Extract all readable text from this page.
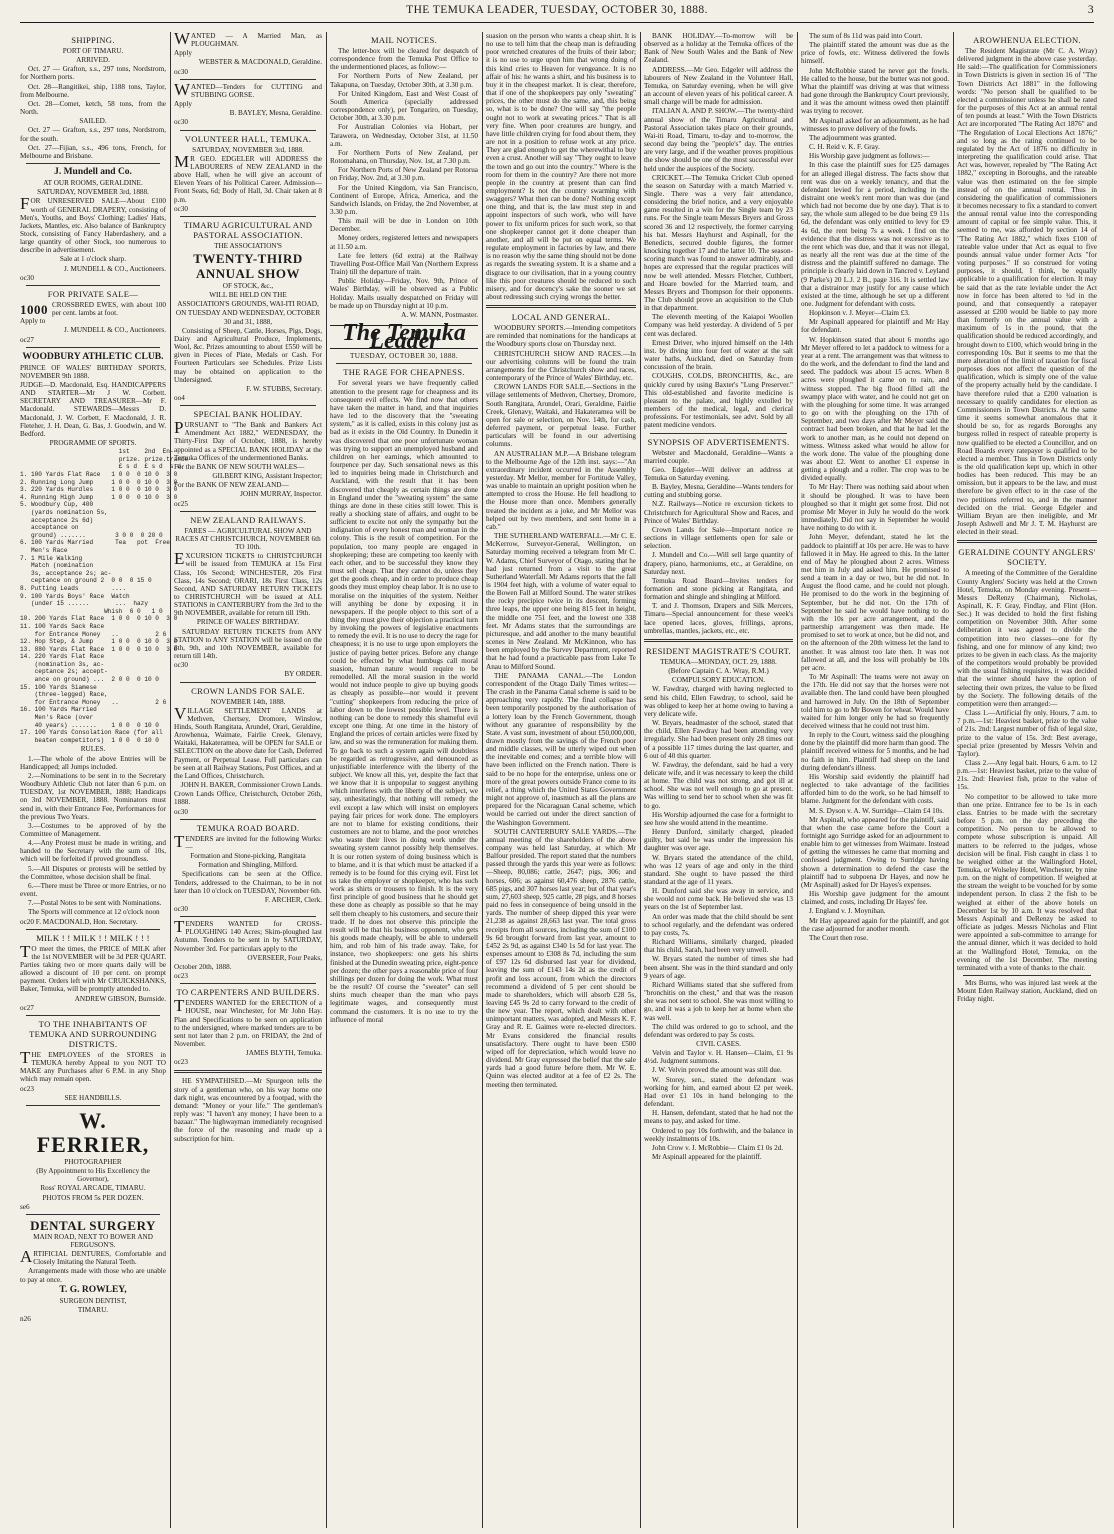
THE TEMUKA LEADER, TUESDAY, OCTOBER 30, 1888.	3
SHIPPING.
PORT OF TIMARU.
ARRIVED.

Oct. 27 — Grafton, s.s., 297 tons, Nordstrom, for Northern ports.

Oct. 28—Rangitikei, ship, 1188 tons, Taylor, from Melbourne.

Oct. 28—Comet, ketch, 58 tons, from the North.

SAILED.

Oct. 27 — Grafton, s.s., 297 tons, Nordstrom, for the south.

Oct. 27—Fijian, s.s., 496 tons, French, for Melbourne and Brisbane.

J. Mundell and Co.
AT OUR ROOMS, GERALDINE.
SATURDAY, NOVEMBER 3rd, 1888.

FOR UNRESERVED SALE—About £100 worth of GENERAL DRAPERY, consisting of Men's, Youths, and Boys' Clothing; Ladies' Hats, Jackets, Mantles, etc. Also balance of Bankruptcy Stock, consisting of Fancy Haberdashery, and a large quantity of other Stock, too numerous to describe in advertisement.

Sale at 1 o'clock sharp.

J. MUNDELL & CO., Auctioneers.

oc30

FOR PRIVATE SALE—
1000 CROSSBRED EWES, with about 100 per cent. lambs at foot.

Apply to

J. MUNDELL & CO., Auctioneers.

oc27

WOODBURY ATHLETIC CLUB.

PRINCE OF WALES' BIRTHDAY SPORTS, NOVEMBER 9th 1888.

JUDGE—D. Macdonald, Esq. HANDICAPPERS AND STARTER—Mr J W. Corbett. SECRETARY AND TREASURER—Mr F. Macdonald. STEWARDS—Messrs D. Macdonald, J. W. Corbett, F. Macdonald, J. R. Fleteher, J. H. Dean, G. Bas, J. Goodwin, and W. Bedford.

PROGRAMME OF SPORTS.

1st    2nd  En-

prize. prize.trance

£ s d  £ s d  s d

1. 100 Yards Flat Race   1 0 0  0 10 0  3 0

2. Running Long Jump     1 0 0  0 10 0  3 0

3. 220 Yards Hurdles     1 0 0  0 10 0  3 0

4. Running High Jump     1 0 0  0 10 0  3 0

5. Woodbury Cup, 400

(yards nomination 5s,

acceptance 2s 6d)

acceptance on

ground) .......        3 0 0  0 20 0

6. 100 Yards Married      Tea   pot  Free

Men's Race

7. 1 Mile Walking

Match (nomination

3s, acceptance 2s; ac-

ceptance on ground 2  0 0  0 15 0

8. Putting Leads         ....

9. 100 Yards Boys' Race  Watch

(under 15 ......       ...  hazy

Whish  6 0   1 0

10. 200 Yards Flat Race  1 0 0  0 10 0  3 0

11. 100 Yards Sack Race

for Entrance Money   ..          2 6

12. Hop Step, & Jump     1 0 0  0 10 0  3 0

13. 880 Yards Flat Race  1 0 0  0 10 0  3 0

14. 220 Yards Flat Race

(nomination 3s, ac-

ceptance 2s; accept-

ance on ground) ...  2 0 0  0 10 0

15. 100 Yards Siamese

(three-legged) Race,

for Entrance Money   ..          2 6

16. 100 Yards Married

Men's Race (over

40 years) .......    1 0 0  0 10 0

17. 100 Yards Consolation Race (for all

beaten competitors)  1 0 0  0 10 0

RULES.

1.—The whole of the above Entries will be Handicapped; all Jumps included.

2.—Nominations to be sent in to the Secretary Woodbury Athletic Club not later than 6 p.m. on TUESDAY, 1st NOVEMBER, 1888; Handicaps on 3rd NOVEMBER, 1888. Nominators must send in, with their Entrance Fee, Performances for the previous Two Years.

3.—Costumes to be approved of by the Committee of Management.

4.—Any Protest must be made in writing, and handed to the Secretary with the sum of 10s, which will be forfeited if proved groundless.

5.—All Disputes or protests will be settled by the Committee, whose decision shall be final.

6.—There must be Three or more Entries, or no event.

7.—Postal Notes to be sent with Nominations.

The Sports will commence at 12 o'clock noon

oc20 F. MACDONALD, Hon. Secretary.

MILK ! ! MILK ! ! MILK ! ! !

TO meet the times, the PRICE of MILK after the 1st NOVEMBER will be 3d PER QUART. Parties taking two or more quarts daily will be allowed a discount of 10 per cent. on prompt payment. Orders left with Mr CRUICKSHANKS, Baker, Temuka, will be promptly attended to.

ANDREW GIBSON, Burnside.

oc27

TO THE INHABITANTS OF TEMUKA AND SURROUNDING DISTRICTS.

THE EMPLOYEES of the STORES in TEMUKA hereby Appeal to you NOT TO MAKE any Purchases after 6 P.M. in any Shop which may remain open.

oc23

SEE HANDBILLS.

W. FERRIER,
PHOTOGRAPHER

(By Appointment to His Excellency the Governor),

Ross' ROYAL ARCADE, TIMARU.

PHOTOS FROM 5s PER DOZEN.

se6

DENTAL SURGERY

MAIN ROAD, NEXT TO BOWER AND FERGUSON'S.

ARTIFICIAL DENTURES, Comfortable and Closely Imitating the Natural Teeth.

Arrangements made with those who are unable to pay at once.

T. G. ROWLEY,

SURGEON DENTIST,

TIMARU.

n26

WANTED — A Married Man, as PLOUGHMAN.

Apply

WEBSTER & MACDONALD, Geraldine.

oc30

WANTED—Tenders for CUTTING and STUBBING GORSE.

Apply

B. BAYLEY, Mesna, Geraldine.

oc30

VOLUNTEER HALL, TEMUKA.
SATURDAY, NOVEMBER 3rd, 1888.

MR GEO. EDGELER will ADDRESS the LABOURERS of NEW ZEALAND in the above Hall, when he will give an account of Eleven Years of his Political Career. Admission—Front Seats, 6d; Body of Hall, 3d. Chair taken at 8 p.m.

oc30

TIMARU AGRICULTURAL AND PASTORAL ASSOCIATION.
THE ASSOCIATION'S
TWENTY-THIRD ANNUAL SHOW
OF STOCK, &c.,
WILL BE HELD ON THE
ASSOCIATION'S GROUNDS, WAI-ITI ROAD,
ON TUESDAY AND WEDNESDAY, OCTOBER 30 and 31, 1888,

Consisting of Sheep, Cattle, Horses, Pigs, Dogs, Dairy and Agricultural Produce, Implements, Wool, &c. Prizes amounting to about £550 will be given in Pieces of Plate, Medals or Cash. For Fourteen Particulars see Schedules. Prize Lists may be obtained on application to the Undersigned.

F. W. STUBBS, Secretary.

oo4

SPECIAL BANK HOLIDAY.

PURSUANT to "The Bank and Bankers Act Amendment Act 1882," WEDNESDAY, the Thirty-First Day of October, 1888, is hereby appointed as a SPECIAL BANK HOLIDAY at the Temuka Offices of the undermentioned Banks.

For the BANK OF NEW SOUTH WALES—

GILBERT KING, Assistant Inspector;

For the BANK OF NEW ZEALAND—

JOHN MURRAY, Inspector.

oc25

NEW ZEALAND RAILWAYS.
FARES — AGRICULTURAL SHOW AND RACES AT CHRISTCHURCH, NOVEMBER 6th TO 10th.

EXCURSION TICKETS to CHRISTCHURCH will be issued from TEMUKA at 15s First Class, 10s Second; WINCHESTER, 20s First Class, 14s Second; ORARI, 18s First Class, 12s Second, AND SATURDAY RETURN TICKETS to CHRISTCHURCH will be issued at ALL STATIONS in CANTERBURY from the 3rd to the 9th NOVEMBER, available for return till 19th.

PRINCE OF WALES' BIRTHDAY.

SATURDAY RETURN TICKETS from ANY STATION to ANY STATION will be issued on the 8th, 9th, and 10th NOVEMBER, available for return till 14th.

oc30

BY ORDER.

CROWN LANDS FOR SALE.
NOVEMBER 14th, 1888.

VILLAGE SETTLEMENT LANDS at Methven, Chertsey, Dromore, Winslow, Hinds, South Rangitata, Arundel, Orari, Geraldine, Arowhenua, Waimate, Fairlie Creek, Glenavy, Waitaki, Hakateramea, will be OPEN for SALE or SELECTION on the above date for Cash, Deferred Payment, or Perpetual Lease. Full particulars can be seen at all Railway Stations, Post Offices, and at the Land Offices, Christchurch.

JOHN H. BAKER, Commissioner Crown Lands.

Crown Lands Office, Christchurch, October 26th, 1888.

oc30

TEMUKA ROAD BOARD.

TENDERS are invited for the following Works:—

Formation and Stone-picking, Rangitata

Formation and Shingling, Milford.

Specifications can be seen at the Office. Tenders, addressed to the Chairman, to be in not later than 10 o'clock on TUESDAY, November 6th.

F. ARCHER, Clerk.

oc30

TENDERS WANTED for CROSS-PLOUGHING 140 Acres; Skim-ploughed last Autumn. Tenders to be sent in by SATURDAY, November 3rd. For particulars apply to the

OVERSEER, Four Peaks,

October 20th, 1888.

oc23

TO CARPENTERS AND BUILDERS.

TENDERS WANTED for the ERECTION of a HOUSE, near Winchester, for Mr John Hay. Plan and Specifications to be seen on application to the undersigned, where marked tenders are to be sent not later than 2 p.m. on FRIDAY, the 2nd of November.

JAMES BLYTH, Temuka.

oc23

HE SYMPATHISED.—Mr Spurgeon tells the story of a gentleman who, on his way home one dark night, was encountered by a footpad, with the demand: "Money or your life." The gentleman's reply was: "I haven't any money; I have been to a bazaar." The highwayman immediately recognised the force of the reasoning and made up a subscription for him.

MAIL NOTICES.

The letter-box will be cleared for despatch of correspondence from the Temuka Post Office to the undermentioned places, as follow:—

For Northern Ports of New Zealand, per Takapuna, on Tuesday, October 30th, at 3.30 p.m.

For United Kingdom, East and West Coast of South America (specially addressed correspondence only), per Tongariro, on Tuesday, October 30th, at 3.30 p.m.

For Australian Colonies via Hobart, per Tarawera, on Wednesday, October 31st, at 11.50 a.m.

For Northern Ports of New Zealand, per Rotomahana, on Thursday, Nov. 1st, at 7.30 p.m.

For Northern Ports of New Zealand per Rotorua on Friday, Nov. 2nd, at 3.30 p.m.

For the United Kingdom, via San Francisco, Continent of Europe, Africa, America, and the Sandwich Islands, on Friday, the 2nd November, at 3.30 p.m.

This mail will be due in London on 10th December.

Money orders, registered letters and newspapers at 11.50 a.m.

Late fee letters (6d extra) at the Railway Travelling Post-Office Mail Van (Northern Express Train) till the departure of train.

Public Holiday—Friday, Nov. 9th, Prince of Wales' Birthday, will be observed as a Public Holiday. Mails usually despatched on Friday will be made up on Thursday night at 10 p.m.

A. W. MANN, Postmaster.

The Temuka Leader
TUESDAY, OCTOBER 30, 1888.
THE RAGE FOR CHEAPNESS.

For several years we have frequently called attention to the present rage for cheapness and its consequent evil effects. We find now that others have taken the matter in hand, and that inquiries have led to the discovery that the "sweating system," as it is called, exists in this colony just as bad as it exists in the Old Country. In Dunedin it was discovered that one poor unfortunate woman was trying to support an unemployed husband and children on her earnings, which amounted to fourpence per day. Such sensational news as this led to inquiries being made in Christchurch and Auckland, with the result that it has been discovered that cheaply as certain things are done in England under the "sweating system" the same things are done in these cities still lower. This is really a shocking state of affairs, and ought to be sufficient to excite not only the sympathy but the indignation of every honest man and woman in the colony. This is the result of competition. For the population, too many people are engaged in shopkeeping; these are competing too keenly with each other, and to be successful they know they must sell cheap. That they cannot do, unless they get the goods cheap, and in order to produce cheap goods they must employ cheap labor. It is no use to moralise on the iniquities of the system. Neither will anything be done by exposing it in newspapers. If the people object to this sort of a thing they must give their objection a practical turn by invoking the powers of legislative enactments to remedy the evil. It is no use to decry the rage for cheapness; it is no use to urge upon employers the justice of paying better prices. Before any change could be effected by what humbugs call moral suasion, human nature would require to be remodelled. All the moral suasion in the world would not induce people to give up buying goods as cheaply as possible—nor would it prevent "cutting" shopkeepers from reducing the price of labor down to the lowest possible level. There is nothing can be done to remedy this shameful evil except one thing. At one time in the history of England the prices of certain articles were fixed by law, and so was the remuneration for making them. To go back to such a system again will doubtless be regarded as retrogressive, and denounced as unjustifiable interference with the liberty of the subject. We know all this, yet, despite the fact that we know that it is unpopular to suggest anything which interferes with the liberty of the subject, we say, unhesitatingly, that nothing will remedy the evil except a law which will insist on employers paying fair prices for work done. The employers are not to blame for existing conditions, their customers are not to blame, and the poor wretches who waste their lives in doing work under the sweating system cannot possibly help themselves. It is our rotten system of doing business which is to blame, and it is that which must be attacked if a remedy is to be found for this crying evil. First let us take the employer or shopkeeper, who has such work as shirts or trousers to finish. It is the very first principle of good business that he should get these done as cheaply as possible so that he may sell them cheaply to his customers, and secure their trade. If he does not observe this principle the result will be that his business opponent, who gets his goods made cheaply, will be able to undersell him, and rob him of his trade away. Take, for instance, two shopkeepers: one gets his shirts finished at the Dunedin sweating price, eight-pence per dozen; the other pays a reasonable price of four shillings per dozen for doing the work. What must be the result? Of course the "sweater" can sell shirts much cheaper than the man who pays legitimate wages, and consequently must command the customers. It is no use to try the influence of moral

suasion on the person who wants a cheap shirt. It is no use to tell him that the cheap man is defrauding poor wretched creatures of the fruits of their labor; it is no use to urge upon him that wrong doing of this kind cries to Heaven for vengeance. It is no affair of his: he wants a shirt, and his business is to buy it in the cheapest market. It is clear, therefore, that if one of the shopkeepers pay only "sweating" prices, the other must do the same, and, this being so, what is to be done? One will say "the people ought not to work at sweating prices." That is all very fine. When poor creatures are hungry, and have little children crying for food about them, they are not in a position to refuse work at any price. They are glad enough to get the wherewithal to buy even a crust. Another will say "They ought to leave the town and go out into the country." Where is the room for them in the country? Are there not more people in the country at present than can find employment? Is not the country swarming with swaggers? What then can be done? Nothing except one thing, and that is, the law must step in and appoint inspectors of such work, who will have power to fix uniform prices for such work, so that one shopkeeper cannot get it done cheaper than another, and all will be put on equal terms. We regulate employment in factories by law, and there is no reason why the same thing should not be done as regards the sweating system. It is a shame and a disgrace to our civilisation, that in a young country like this poor creatures should be reduced to such misery, and for decency's sake the sooner we set about redressing such crying wrongs the better.

LOCAL AND GENERAL.

WOODBURY SPORTS.—Intending competitors are reminded that nominations for the handicaps at the Woodbury sports close on Thursday next.

CHRISTCHURCH SHOW AND RACES.—In our advertising columns will be found the train arrangements for the Christchurch show and races, contemporary of the Prince of Wales' Birthday, etc.

CROWN LANDS FOR SALE.—Sections in the village settlements of Methven, Chertsey, Dromore, South Rangitata, Arundel, Orari, Geraldine, Fairlie Creek, Glenavy, Waitaki, and Hakateramea will be open for sale or selection, on Nov. 14th, for cash, deferred payment, or perpetual lease. Further particulars will be found in our advertising columns.

AN AUSTRALIAN M.P.—A Brisbane telegram to the Melbourne Age of the 12th inst. says:—"An extraordinary incident occurred in the Assembly yesterday. Mr Mellor, member for Fortitude Valley, was unable to maintain an upright position when he attempted to cross the House. He fell headlong to the House more than once. Members generally treated the incident as a joke, and Mr Mellor was helped out by two members, and sent home in a cab."

THE SUTHERLAND WATERFALL.—Mr C. E. McKerrow, Surveyor-General, Wellington, on Saturday morning received a telegram from Mr C. W. Adams, Chief Surveyor of Otago, stating that he had just returned from a visit to the great Sutherland Waterfall. Mr Adams reports that the fall is 1904 feet high, with a volume of water equal to the Bowen Fall at Milford Sound. The water strikes the rocky precipice twice in its descent, forming three leaps, the upper one being 815 feet in height, the middle one 751 feet, and the lowest one 338 feet. Mr Adams states that the surroundings are picturesque, and add another to the many beautiful scenes in New Zealand. Mr McKinnon, who has been employed by the Survey Department, reported that he had found a practicable pass from Lake Te Anau to Milford Sound.

THE PANAMA CANAL.—The London correspondent of the Otago Daily Times writes:—The crash in the Panama Canal scheme is said to be approaching very rapidly. The final collapse has been temporarily postponed by the authorisation of a lottery loan by the French Government, though without any guarantee of responsibility by the State. A vast sum, investment of about £50,000,000, drawn mostly from the savings of the French poor and middle classes, will be utterly wiped out when the inevitable end comes; and a terrible blow will have been inflicted on the French nation. There is said to be no hope for the enterprise, unless one or more of the great powers outside France come to its relief, a thing which the United States Government might not approve of, inasmuch as all the plans are prepared for the Nicaraguan Canal scheme, which would be carried out under the direct sanction of the Washington Government.

SOUTH CANTERBURY SALE YARDS.—The annual meeting of the shareholders of the above company was held last Saturday, at which Mr Balfour presided. The report stated that the numbers passed through the yards this year were as follows:—Sheep, 80,086; cattle, 2647; pigs, 306; and horses, 606; as against 60,476 sheep, 2876 cattle, 685 pigs, and 307 horses last year; but of that year's sum, 27,603 sheep, 925 cattle, 28 pigs, and 8 horses paid no fees in consequence of being unsold in the yards. The number of sheep dipped this year were 21,238 as against 28,663 last year. The total gross receipts from all sources, including the sum of £100 9s 6d brought forward from last year, amount to £452 2s 9d, as against £340 1s 5d for last year. The expenses amount to £308 8s 7d, including the sum of £97 12s 6d disbursed last year for dividend, leaving the sum of £143 14s 2d as the credit of profit and loss account, from which the directors recommend a dividend of 5 per cent should be made to shareholders, which will absorb £28 5s, leaving £45 9s 2d to carry forward to the credit of the new year. The report, which dealt with other unimportant matters, was adopted, and Messrs K. F. Gray and R. E. Gaimes were re-elected directors. Mr Evans considered the financial results unsatisfactory. There ought to have been £500 wiped off for depreciation, which would leave no dividend. Mr Gray expressed the belief that the sale yards had a good future before them. Mr W. E. Quinn was elected auditor at a fee of £2 2s. The meeting then terminated.

BANK HOLIDAY.—To-morrow will be observed as a holiday at the Temuka offices of the Bank of New South Wales and the Bank of New Zealand.

ADDRESS.—Mr Geo. Edgeler will address the labourers of New Zealand in the Volunteer Hall, Temuka, on Saturday evening, when he will give an account of eleven years of his political career. A small charge will be made for admission.

ITALIAN A. AND P. SHOW.—The twenty-third annual show of the Timaru Agricultural and Pastoral Association takes place on their grounds, Wai-iti Road, Timaru, to-day and to-morrow, the second day being the "people's" day. The entries are very large, and if the weather proves propitious the show should be one of the most successful ever held under the auspices of the Society.

CRICKET.—The Temuka Cricket Club opened the season on Saturday with a match Married v. Single. There was a very fair attendance, considering the brief notice, and a very enjoyable game resulted in a win for the Single team by 23 runs. For the Single team Messrs Bryers and Gross scored 36 and 12 respectively, the former carrying his bat. Messrs Hayhurst and Aspinall, for the Benedicts, secured double figures, the former knocking together 17 and the latter 10. The season-scoring match was found to answer admirably, and hopes are expressed that the regular practices will now be well attended. Messrs Fletcher, Cuthbert, and Hoare bowled for the Married team, and Messrs Bryers and Thompson for their opponents. The Club should prove an acquisition to the Club in that department.

The eleventh meeting of the Kaiapoi Woollen Company was held yesterday. A dividend of 5 per cent was declared.

Ernest Driver, who injured himself on the 14th inst. by diving into four feet of water at the salt water baths, Auckland, died on Saturday from concussion of the brain.

COUGHS, COLDS, BRONCHITIS, &c., are quickly cured by using Baxter's "Lung Preserver." This old-established and favorite medicine is pleasant to the palate, and highly extolled by members of the medical, legal, and clerical professions. For testimonials, see advt. Sold by all patent medicine vendors.

SYNOPSIS OF ADVERTISEMENTS.

Webster and Macdonald, Geraldine—Wants a married couple.

Geo. Edgeler—Will deliver an address at Temuka on Saturday evening.

B. Bayley, Mesna, Geraldine—Wants tenders for cutting and stubbing gorse.

N.Z. Railways—Notice re excursion tickets to Christchurch for Agricultural Show and Races, and Prince of Wales' Birthday.

Crown Lands for Sale—Important notice re sections in village settlements open for sale or selection.

J. Mundell and Co.—Will sell large quantity of drapery, piano, harmoniums, etc., at Geraldine, on Saturday next.

Temuka Road Board—Invites tenders for formation and stone picking at Rangitata, and formation and shingle and shingling at Milford.

T. and J. Thomson, Drapers and Silk Mercers, Timaru—Special announcement for these week's lace opened laces, gloves, frillings, aprons, umbrellas, mantles, jackets, etc., etc.

RESIDENT MAGISTRATE'S COURT.
TEMUKA—MONDAY, OCT. 29, 1888.
(Before Captain C. A. Wray, R.M.)
COMPULSORY EDUCATION.

W. Fawdray, charged with having neglected to send his child, Ellen Fawdray, to school, said he was obliged to keep her at home owing to having a very delicate wife.

W. Bryars, headmaster of the school, stated that the child, Ellen Fawdray had been attending very irregularly. She had been present only 28 times out of a possible 117 times during the last quarter, and 6 out of 40 this quarter.

W. Fawdray, the defendant, said he had a very delicate wife, and it was necessary to keep the child at home. The child was not strong, and got ill at school. She was not well enough to go at present. Was willing to send her to school when she was fit to go.

His Worship adjourned the case for a fortnight to see how she would attend in the meantime.

Henry Dunford, similarly charged, pleaded guilty, but said he was under the impression his daughter was over age.

W. Bryars stated the attendance of the child, who was 12 years of age and only in the third standard. She ought to have passed the third standard at the age of 11 years.

H. Dunford said she was away in service, and she would not come back. He believed she was 13 years on the 1st of September last.

An order was made that the child should be sent to school regularly, and the defendant was ordered to pay costs, 7s.

Richard Williams, similarly charged, pleaded that his child, Sarah, had been very unwell.

W. Bryars stated the number of times she had been absent. She was in the third standard and only 9 years of age.

Richard Williams stated that she suffered from "bronchitis on the chest," and that was the reason she was not sent to school. She was most willing to go, and it was a job to keep her at home when she was well.

The child was ordered to go to school, and the defendant was ordered to pay 5s costs.

CIVIL CASES.

Velvin and Taylor v. H. Hansen—Claim, £1 9s 4½d. Judgment summons.

J. W. Velvin proved the amount was still due.

W. Storey, sen., stated the defendant was working for him, and earned about £2 per week. Had over £1 10s in hand belonging to the defendant.

H. Hansen, defendant, stated that he had not the means to pay, and asked for time.

Ordered to pay 10s forthwith, and the balance in weekly instalments of 10s.

John Crow v. J. McRobbie— Claim £1 0s 2d.

Mr Aspinall appeared for the plaintiff.

The sum of 8s 11d was paid into Court.

The plaintiff stated the amount was due as the price of fowls, etc. Witness delivered the fowls himself.

John McRobbie stated he never got the fowls. He called to the house, but the butter was not good. What the plaintiff was driving at was that witness had gone through the Bankruptcy Court previously, and it was the amount witness owed then plaintiff was trying to recover.

Mr Aspinall asked for an adjournment, as he had witnesses to prove delivery of the fowls.

The adjournment was granted.

C. H. Reid v. K. F. Gray.

His Worship gave judgment as follows:—

In this case the plaintiff sues for £25 damages for an alleged illegal distress. The facts show that rent was due on a weekly tenancy, and that the defendant levied for a period, including in the distraint one week's rent more than was due (and which had not become due by one day). That is to say, the whole sum alleged to be due being £9 11s 6d, the defendant was only entitled to levy for £9 4s 6d, the rent being 7s a week. I find on the evidence that the distress was not excessive as to the rent which was due, and that it was not illegal, as nearly all the rent was due at the time of the distress and the plaintiff suffered no damage. The principle is clearly laid down in Tancred v. Leyland (9 Parke's) 20 L.J. 2 B., page 316. It is settled law that a distrainor may justify for any cause which existed at the time, although he set up a different one. Judgment for defendant with costs.

Hopkinson v. J. Meyer—Claim £3.

Mr Aspinall appeared for plaintiff and Mr Hay for defendant.

W. Hopkinson stated that about 6 months ago Mr Meyer offered to let a paddock to witness for a year at a rent. The arrangement was that witness to do the work, and the defendant to find the land and seed. The paddock was about 15 acres. When 8 acres were ploughed it came on to rain, and witness stopped. The big flood filled all the swampy place with water, and he could not get on with the ploughing for some time. It was arranged to go on with the ploughing on the 17th of September, and two days after Mr Meyer said the contract had been broken, and that he had let the work to another man, as he could not depend on witness. Witness asked what would he allow for the work done. The value of the ploughing done was about £2. Went to another £1 expense in getting a plough and a roller. The crop was to be divided equally.

To Mr Hay: There was nothing said about when it should be ploughed. It was to have been ploughed so that it might get some frost. Did not promise Mr Meyer in July he would do the work immediately. Did not say in September he would have nothing to do with it.

John Meyer, defendant, stated he let the paddock to plaintiff at 10s per acre. He was to have fallowed it in May. He agreed to this. In the latter end of May he ploughed about 2 acres. Witness met him in July and asked him. He promised to send a team in a day or two, but he did not. In August the flood came, and he could not plough. He promised to do the work in the beginning of September, but he did not. On the 17th of September he said he would have nothing to do with the 10s per acre arrangement, and the partnership arrangement was then made. He promised to set to work at once, but he did not, and on the afternoon of the 20th witness let the land to another. It was almost too late then. It was not fallowed at all, and the loss will probably be 10s per acre.

To Mr Aspinall: The teams were not away on the 17th. He did not say that the horses were not available then. The land could have been ploughed and harrowed in July. On the 18th of September told him to go to Mr Bowen for wheat. Would have waited for him longer only he had so frequently deceived witness that he could not trust him.

In reply to the Court, witness said the ploughing done by the plaintiff did more harm than good. The plaintiff received witness for 5 months, and he had no faith in him. Plaintiff had sheep on the land during defendant's illness.

His Worship said evidently the plaintiff had neglected to take advantage of the facilities afforded him to do the work, so he had himself to blame. Judgment for the defendant with costs.

M. S. Dyson v. A. W. Surridge—Claim £4 10s.

Mr Aspinall, who appeared for the plaintiff, said that when the case came before the Court a fortnight ago Surridge asked for an adjournment to enable him to get witnesses from Waimate. Instead of getting the witnesses he came that morning and confessed judgment. Owing to Surridge having shown a determination to defend the case the plaintiff had to subpoena Dr Hayes, and now he (Mr Aspinall) asked for Dr Hayes's expenses.

His Worship gave judgment for the amount claimed, and costs, including Dr Hayes' fee.

J. England v. J. Moynihan.

Mr Hay appeared again for the plaintiff, and got the case adjourned for another month.

The Court then rose.

AROWHENUA ELECTION.

The Resident Magistrate (Mr C. A. Wray) delivered judgment in the above case yesterday. He said:—The qualification for Commissioners in Town Districts is given in section 16 of "The Town Districts Act 1881" in the following words: "No person shall be qualified to be elected a commissioner unless he shall be rated for the purposes of this Act at an annual rental of ten pounds at least." With the Town Districts Act are incorporated "The Rating Act 1876" and "The Regulation of Local Elections Act 1876;" and so long as the rating continued to be regulated by the Act of 1876 no difficulty in interpreting the qualification could arise. That Act was, however, repealed by "The Rating Act 1882," excepting in Boroughs, and the rateable value was then estimated on the fee simple instead of on the annual rental. Thus in considering the qualification of commissioners it becomes necessary to fix a standard to convert the annual rental value into the corresponding amount of capital or fee simple value. This, it seemed to me, was afforded by section 14 of "The Rating Act 1882," which fixes £100 of rateable value under that Act as equal to five pounds annual value under former Acts "for voting purposes." If so construed for voting purposes, it should, I think, be equally applicable to a qualification for election. It may be said that as the rate leviable under the Act now in force has been altered to ¾d in the pound, and that consequently a ratepayer assessed at £200 would be liable to pay more than formerly on the annual value with a maximum of 1s in the pound, that the qualification should be reduced accordingly, and brought down to £100, which would bring in the corresponding 10s. But it seems to me that the mere alteration of the limit of taxation for fiscal purposes does not affect the question of the qualification, which is simply one of the value of the property actually held by the candidate. I have therefore ruled that a £200 valuation is necessary to qualify candidates for election as Commissioners in Town Districts. At the same time it seems somewhat anomalous that it should be so, for as regards Boroughs any burgess rolled in respect of rateable property is now qualified to be elected a Councillor, and on Road Boards every ratepayer is qualified to be elected a member. Thus in Town Districts only is the old qualification kept up, which in other bodies has been reduced. This may be an omission, but it appears to be the law, and must therefore be given effect to in the case of the two petitions referred to, and in the manner decided on the trial. George Edgeler and William Bryan are then ineligible, and Mr Joseph Ashwell and Mr J. T. M. Hayhurst are elected in their stead.

GERALDINE COUNTY ANGLERS' SOCIETY.

A meeting of the Committee of the Geraldine County Anglers' Society was held at the Crown Hotel, Temuka, on Monday evening. Present—Messrs DeRenzy (Chairman), Nicholas, Aspinall, K. F. Gray, Findlay, and Flint (Hon. Sec.) It was decided to hold the first fishing competition on November 30th. After some deliberation it was agreed to divide the competition into two classes—one for fly fishing, and one for minnow of any kind; two prizes to be given in each class. As the majority of the competitors would probably be provided with the usual fishing requisites, it was decided that the winner should have the option of selecting their own prizes, the value to be fixed by the Society. The following details of the competition were then arranged:—

Class 1.—Artificial fly only. Hours, 7 a.m. to 7 p.m.—1st: Heaviest basket, prize to the value of 21s. 2nd: Largest number of fish of legal size, prize to the value of 15s. 3rd: Best average, special prize (presented by Messrs Velvin and Taylor).

Class 2.—Any legal bait. Hours, 6 a.m. to 12 p.m.—1st: Heaviest basket, prize to the value of 21s. 2nd: Heaviest fish, prize to the value of 15s.

No competitor to be allowed to take more than one prize. Entrance fee to be 1s in each class. Entries to be made with the secretary before 5 p.m. on the day preceding the competition. No person to be allowed to compete whose subscription is unpaid. All matters to be referred to the judges, whose decision will be final. Fish caught in class 1 to be weighed either at the Wallingford Hotel, Temuka, or Wolseley Hotel, Winchester, by nine p.m. on the night of competition. If weighed at the stream the weight to be vouched for by some independent person. In class 2 the fish to be weighed at either of the above hotels on December 1st by 10 a.m. It was resolved that Messrs Aspinall and DeRenzy be asked to officiate as judges. Messrs Nicholas and Flint were appointed a sub-committee to arrange for the annual dinner, which it was decided to hold at the Wallingford Hotel, Temuka, on the evening of the 1st December. The meeting terminated with a vote of thanks to the chair.

Mrs Burns, who was injured last week at the Mount Eden Railway station, Auckland, died on Friday night.
